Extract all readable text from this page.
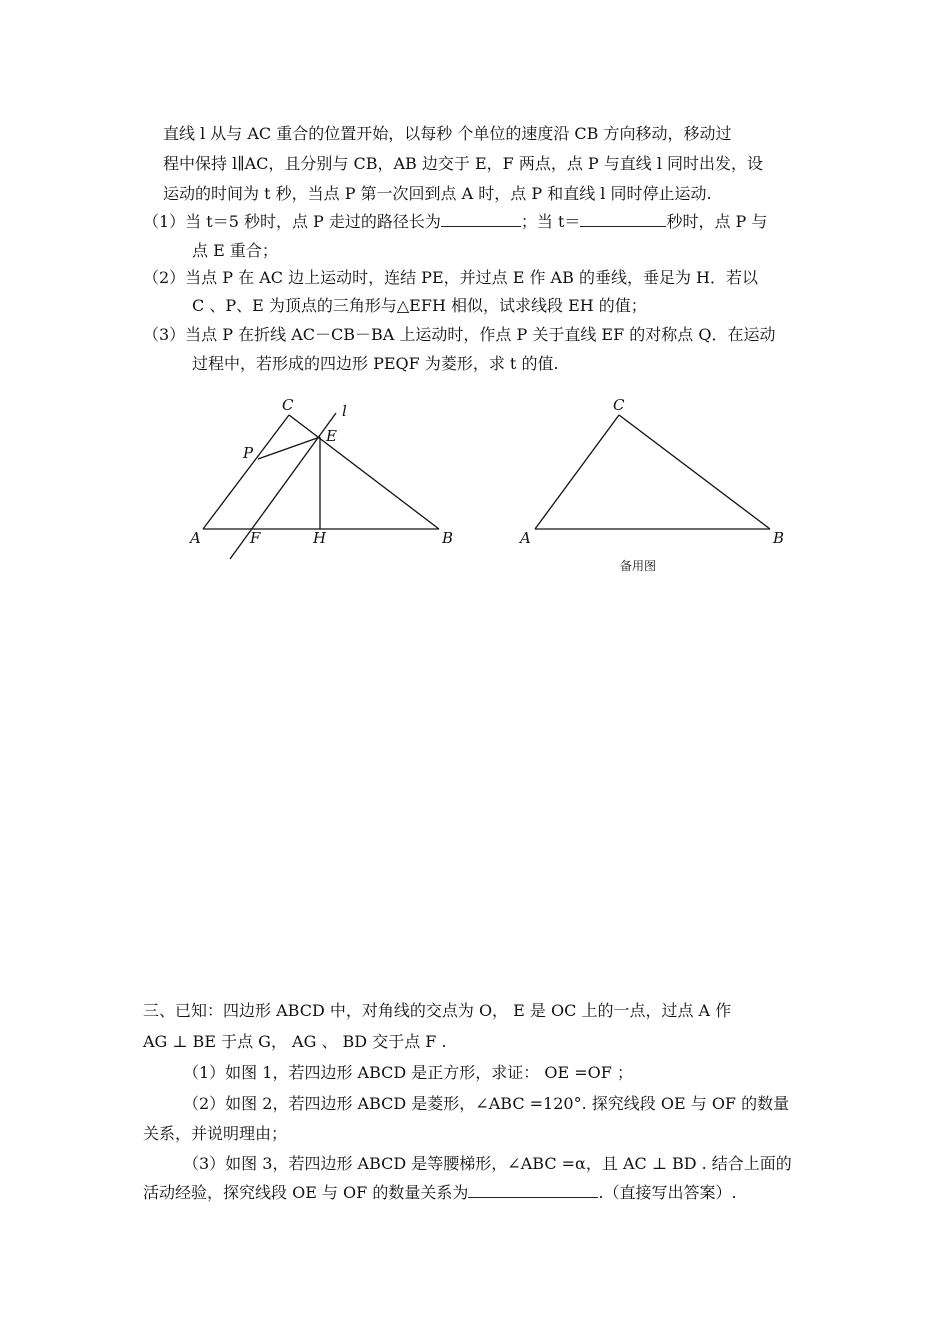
直线 l 从与 AC 重合的位置开始，以每秒 个单位的速度沿 CB 方向移动，移动过
程中保持 l∥AC，且分别与 CB，AB 边交于 E，F 两点，点 P 与直线 l 同时出发，设
运动的时间为 t 秒，当点 P 第一次回到点 A 时，点 P 和直线 l 同时停止运动.
（1）当 t＝5 秒时，点 P 走过的路径长为	；当 t＝	秒时，点 P 与
点 E 重合；
（2）当点 P 在 AC 边上运动时，连结 PE，并过点 E 作 AB 的垂线，垂足为 H．若以
C 、P、E 为顶点的三角形与△EFH 相似，试求线段 EH 的值；
（3）当点 P 在折线 AC－CB－BA 上运动时，作点 P 关于直线 EF 的对称点 Q．在运动
过程中，若形成的四边形 PEQF 为菱形，求 t 的值.
C	l
E
P
A	F	H	B
C
A	B
备用图
三、已知：四边形 ABCD 中，对角线的交点为 O， E 是 OC 上的一点，过点 A 作
AG ⊥ BE 于点 G， AG 、 BD 交于点 F .
（1）如图 1，若四边形 ABCD 是正方形，求证： OE =OF ；
（2）如图 2，若四边形 ABCD 是菱形，∠ABC =120°. 探究线段 OE 与 OF 的数量
关系，并说明理由；
（3）如图 3，若四边形 ABCD 是等腰梯形，∠ABC =α，且 AC ⊥ BD . 结合上面的
活动经验，探究线段 OE 与 OF 的数量关系为	.（直接写出答案）.
